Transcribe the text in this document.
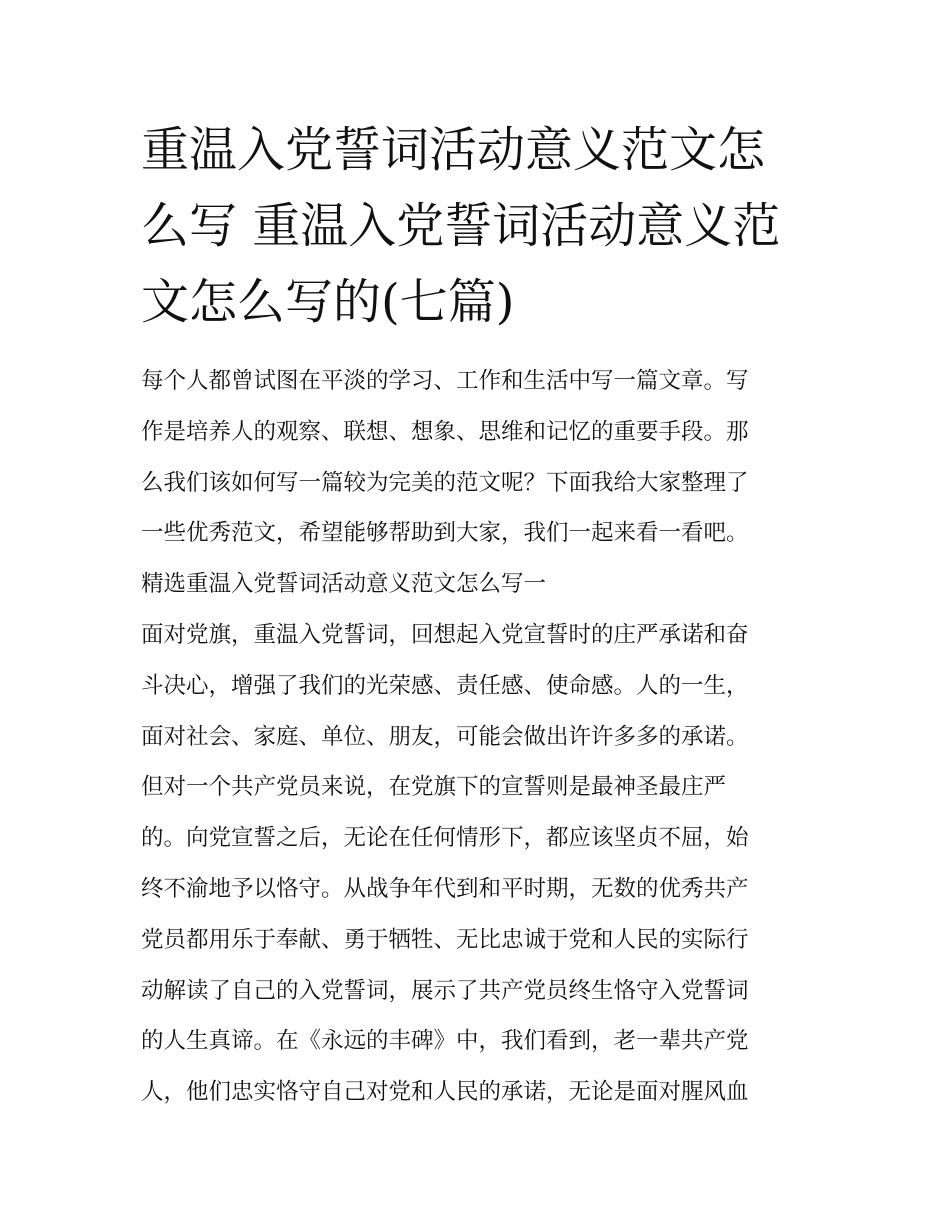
重温入党誓词活动意义范文怎
么写 重温入党誓词活动意义范
文怎么写的(七篇)
每个人都曾试图在平淡的学习、工作和生活中写一篇文章。写
作是培养人的观察、联想、想象、思维和记忆的重要手段。那
么我们该如何写一篇较为完美的范文呢？下面我给大家整理了
一些优秀范文，希望能够帮助到大家，我们一起来看一看吧。
精选重温入党誓词活动意义范文怎么写一
面对党旗，重温入党誓词，回想起入党宣誓时的庄严承诺和奋
斗决心，增强了我们的光荣感、责任感、使命感。人的一生，
面对社会、家庭、单位、朋友，可能会做出许许多多的承诺。
但对一个共产党员来说，在党旗下的宣誓则是最神圣最庄严
的。向党宣誓之后，无论在任何情形下，都应该坚贞不屈，始
终不渝地予以恪守。从战争年代到和平时期，无数的优秀共产
党员都用乐于奉献、勇于牺牲、无比忠诚于党和人民的实际行
动解读了自己的入党誓词，展示了共产党员终生恪守入党誓词
的人生真谛。在《永远的丰碑》中，我们看到，老一辈共产党
人，他们忠实恪守自己对党和人民的承诺，无论是面对腥风血
